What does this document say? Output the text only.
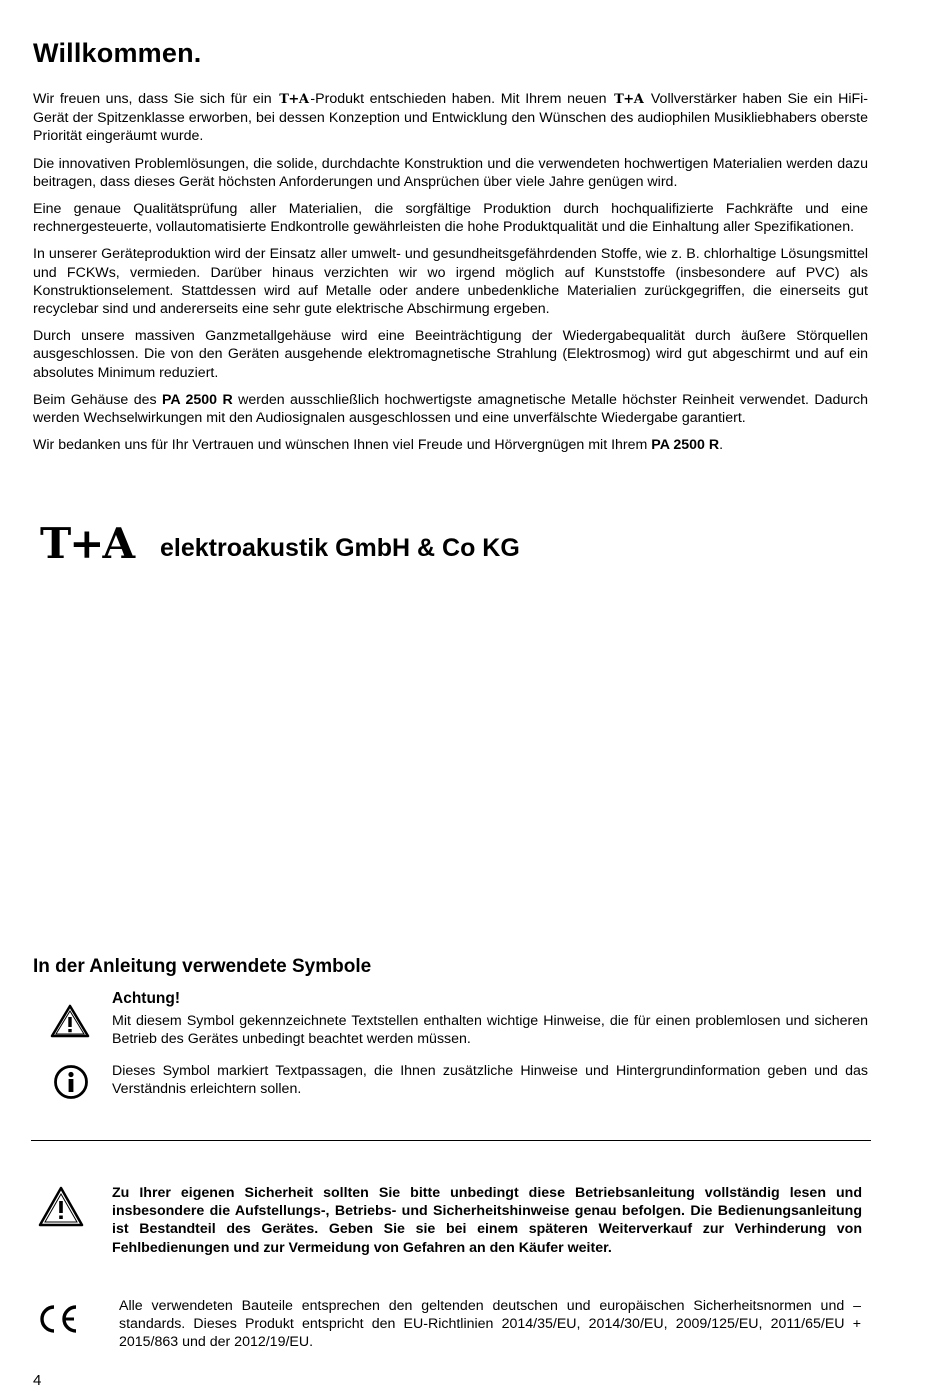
Willkommen.

Wir freuen uns, dass Sie sich für ein T+A -Produkt entschieden haben. Mit Ihrem neuen T+A Vollverstärker haben Sie ein HiFi-Gerät der Spitzenklasse erworben, bei dessen Konzeption und Entwicklung den Wünschen des audiophilen Musikliebhabers oberste Priorität eingeräumt wurde.

Die innovativen Problemlösungen, die solide, durchdachte Konstruktion und die verwendeten hochwertigen Materialien werden dazu beitragen, dass dieses Gerät höchsten Anforderungen und Ansprüchen über viele Jahre genügen wird.

Eine genaue Qualitätsprüfung aller Materialien, die sorgfältige Produktion durch hochqualifizierte Fachkräfte und eine rechnergesteuerte, vollautomatisierte Endkontrolle gewährleisten die hohe Produktqualität und die Einhaltung aller Spezifikationen.

In unserer Geräteproduktion wird der Einsatz aller umwelt- und gesundheitsgefährdenden Stoffe, wie z. B. chlorhaltige Lösungsmittel und FCKWs, vermieden. Darüber hinaus verzichten wir wo irgend möglich auf Kunststoffe (insbesondere auf PVC) als Konstruktionselement. Stattdessen wird auf Metalle oder andere unbedenkliche Materialien zurückgegriffen, die einerseits gut recyclebar sind und andererseits eine sehr gute elektrische Abschirmung ergeben.

Durch unsere massiven Ganzmetallgehäuse wird eine Beeinträchtigung der Wiedergabequalität durch äußere Störquellen ausgeschlossen. Die von den Geräten ausgehende elektromagnetische Strahlung (Elektrosmog) wird gut abgeschirmt und auf ein absolutes Minimum reduziert.

Beim Gehäuse des PA 2500 R werden ausschließlich hochwertigste amagnetische Metalle höchster Reinheit verwendet. Dadurch werden Wechselwirkungen mit den Audiosignalen ausgeschlossen und eine unverfälschte Wiedergabe garantiert.

Wir bedanken uns für Ihr Vertrauen und wünschen Ihnen viel Freude und Hörvergnügen mit Ihrem PA 2500 R.

T+A	elektroakustik GmbH & Co KG
In der Anleitung verwendete Symbole
Achtung!
Mit diesem Symbol gekennzeichnete Textstellen enthalten wichtige Hinweise, die für einen problemlosen und sicheren Betrieb des Gerätes unbedingt beachtet werden müssen.
Dieses Symbol markiert Textpassagen, die Ihnen zusätzliche Hinweise und Hintergrundinformation geben und das Verständnis erleichtern sollen.
Zu Ihrer eigenen Sicherheit sollten Sie bitte unbedingt diese Betriebsanleitung vollständig lesen und insbesondere die Aufstellungs-, Betriebs- und Sicherheitshinweise genau befolgen. Die Bedienungsanleitung ist Bestandteil des Gerätes. Geben Sie sie bei einem späteren Weiterverkauf zur Verhinderung von Fehlbedienungen und zur Vermeidung von Gefahren an den Käufer weiter.
Alle verwendeten Bauteile entsprechen den geltenden deutschen und europäischen Sicherheitsnormen und –standards. Dieses Produkt entspricht den EU-Richtlinien 2014/35/EU, 2014/30/EU, 2009/125/EU, 2011/65/EU + 2015/863 und der 2012/19/EU.
4
